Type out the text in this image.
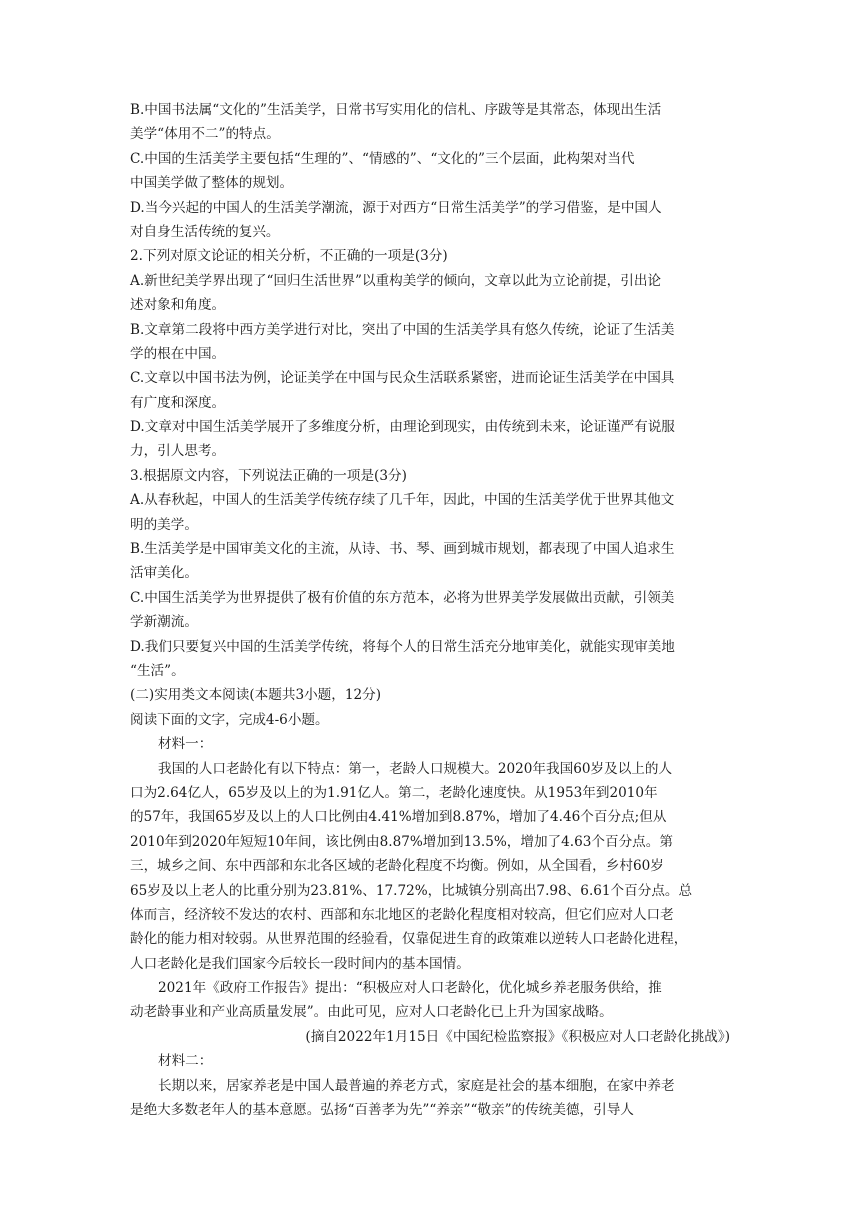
B.中国书法属“文化的”生活美学，日常书写实用化的信札、序跋等是其常态，体现出生活
美学“体用不二”的特点。
C.中国的生活美学主要包括“生理的”、“情感的”、“文化的”三个层面，此构架对当代
中国美学做了整体的规划。
D.当今兴起的中国人的生活美学潮流，源于对西方“日常生活美学”的学习借鉴，是中国人
对自身生活传统的复兴。
2.下列对原文论证的相关分析，不正确的一项是(3分)
A.新世纪美学界出现了“回归生活世界”以重构美学的倾向，文章以此为立论前提，引出论
述对象和角度。
B.文章第二段将中西方美学进行对比，突出了中国的生活美学具有悠久传统，论证了生活美
学的根在中国。
C.文章以中国书法为例，论证美学在中国与民众生活联系紧密，进而论证生活美学在中国具
有广度和深度。
D.文章对中国生活美学展开了多维度分析，由理论到现实，由传统到未来，论证谨严有说服
力，引人思考。
3.根据原文内容，下列说法正确的一项是(3分)
A.从春秋起，中国人的生活美学传统存续了几千年，因此，中国的生活美学优于世界其他文
明的美学。
B.生活美学是中国审美文化的主流，从诗、书、琴、画到城市规划，都表现了中国人追求生
活审美化。
C.中国生活美学为世界提供了极有价值的东方范本，必将为世界美学发展做出贡献，引领美
学新潮流。
D.我们只要复兴中国的生活美学传统，将每个人的日常生活充分地审美化，就能实现审美地
“生活”。
(二)实用类文本阅读(本题共3小题，12分)
阅读下面的文字，完成4-6小题。
材料一：
我国的人口老龄化有以下特点：第一，老龄人口规模大。2020年我国60岁及以上的人
口为2.64亿人，65岁及以上的为1.91亿人。第二，老龄化速度快。从1953年到2010年
的57年，我国65岁及以上的人口比例由4.41%增加到8.87%，增加了4.46个百分点;但从
2010年到2020年短短10年间，该比例由8.87%增加到13.5%，增加了4.63个百分点。第
三，城乡之间、东中西部和东北各区域的老龄化程度不均衡。例如，从全国看，乡村60岁
65岁及以上老人的比重分别为23.81%、17.72%，比城镇分别高出7.98、6.61个百分点。总
体而言，经济较不发达的农村、西部和东北地区的老龄化程度相对较高，但它们应对人口老
龄化的能力相对较弱。从世界范围的经验看，仅靠促进生育的政策难以逆转人口老龄化进程，
人口老龄化是我们国家今后较长一段时间内的基本国情。
2021年《政府工作报告》提出：“积极应对人口老龄化，优化城乡养老服务供给，推
动老龄事业和产业高质量发展”。由此可见，应对人口老龄化已上升为国家战略。
(摘自2022年1月15日《中国纪检监察报》《积极应对人口老龄化挑战》)
材料二：
长期以来，居家养老是中国人最普遍的养老方式，家庭是社会的基本细胞，在家中养老
是绝大多数老年人的基本意愿。弘扬“百善孝为先”“养亲”“敬亲”的传统美德，引导人
